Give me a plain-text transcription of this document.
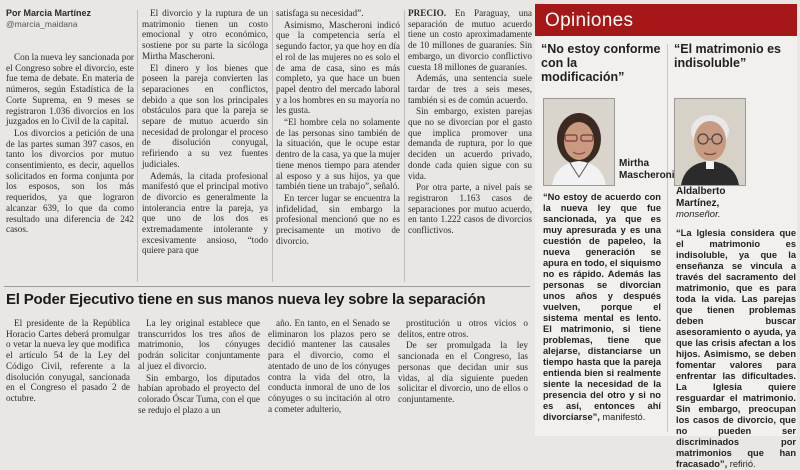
Por Marcia Martínez
@marcia_maidana

Con la nueva ley sancionada por el Congreso sobre el divorcio, este fue tema de debate. En materia de números, según Estadística de la Corte Suprema, en 9 meses se registraron 1.036 divorcios en los juzgados en lo Civil de la capital.

Los divorcios a petición de una de las partes suman 397 casos, en tanto los divorcios por mutuo consentimiento, es decir, aquellos solicitados en forma conjunta por los esposos, son los más requeridos, ya que lograron alcanzar 639, lo que da como resultado una diferencia de 242 casos.

El divorcio y la ruptura de un matrimonio tienen un costo emocional y otro económico, sostiene por su parte la sicóloga Mirtha Mascheroni.

El dinero y los bienes que poseen la pareja convierten las separaciones en conflictos, debido a que son los principales obstáculos para que la pareja se separe de mutuo acuerdo sin necesidad de prolongar el proceso de disolución conyugal, refiriendo a su vez fuentes judiciales.

Además, la citada profesional manifestó que el principal motivo de divorcio es generalmente la intolerancia entre la pareja, ya que uno de los dos es extremadamente intolerante y excesivamente ansioso, “todo quiere para que

satisfaga su necesidad”.

Asimismo, Mascheroni indicó que la competencia sería el segundo factor, ya que hoy en día el rol de las mujeres no es solo el de ama de casa, sino es más completo, ya que hace un buen papel dentro del mercado laboral y a los hombres en su mayoría no les gusta.

“El hombre cela no solamente de las personas sino también de la situación, que le ocupe estar dentro de la casa, ya que la mujer tiene menos tiempo para atender al esposo y a sus hijos, ya que también tiene un trabajo”, señaló.

En tercer lugar se encuentra la infidelidad, sin embargo la profesional mencionó que no es precisamente un motivo de divorcio.

PRECIO. En Paraguay, una separación de mutuo acuerdo tiene un costo aproximadamente de 10 millones de guaraníes. Sin embargo, un divorcio conflictivo cuesta 18 millones de guaraníes.

Además, una sentencia suele tardar de tres a seis meses, también si es de común acuerdo.

Sin embargo, existen parejas que no se divorcian por el gasto que implica promover una demanda de ruptura, por lo que deciden un acuerdo privado, donde cada quien sigue con su vida.

Por otra parte, a nivel país se registraron 1.163 casos de separaciones por mutuo acuerdo, en tanto 1.222 casos de divorcios conflictivos.

El Poder Ejecutivo tiene en sus manos nueva ley sobre la separación

El presidente de la República Horacio Cartes deberá promulgar o vetar la nueva ley que modifica el artículo 54 de la Ley del Código Civil, referente a la disolución conyugal, sancionada en el Congreso el pasado 2 de octubre.

La ley original establece que transcurridos los tres años de matrimonio, los cónyuges podrán solicitar conjuntamente al juez el divorcio.

Sin embargo, los diputados habían aprobado el proyecto del colorado Óscar Tuma, con el que se redujo el plazo a un

año. En tanto, en el Senado se eliminaron los plazos pero se decidió mantener las causales para el divorcio, como el atentado de uno de los cónyuges contra la vida del otro, la conducta inmoral de uno de los cónyuges o su incitación al otro a cometer adulterio,

prostitución u otros vicios o delitos, entre otros.

De ser promulgada la ley sancionada en el Congreso, las personas que decidan unir sus vidas, al día siguiente pueden solicitar el divorcio, uno de ellos o conjuntamente.

Opiniones
“No estoy conforme con la modificación”
Mirtha
Mascheroni
“No estoy de acuerdo con la nueva ley que fue sancionada, ya que es muy apresurada y es una cuestión de papeleo, la nueva generación se apura en todo, el siquismo no es rápido. Además las personas se divorcian unos años y después vuelven, porque el sistema mental es lento. El matrimonio, si tiene problemas, tiene que alejarse, distanciarse un tiempo hasta que la pareja entienda bien si realmente siente la necesidad de la presencia del otro y si no es así, entonces ahí divorciarse”, manifestó.
“El matrimonio es indisoluble”
Aldalberto
Martínez,
monseñor.
“La Iglesia considera que el matrimonio es indisoluble, ya que la enseñanza se vincula a través del sacramento del matrimonio, que es para toda la vida. Las parejas que tienen problemas deben buscar asesoramiento o ayuda, ya que las crisis afectan a los hijos. Asimismo, se deben fomentar valores para enfrentar las dificultades. La Iglesia quiere resguardar el matrimonio. Sin embargo, preocupan los casos de divorcio, que no pueden ser discriminados por matrimonios que han fracasado”, refirió.
